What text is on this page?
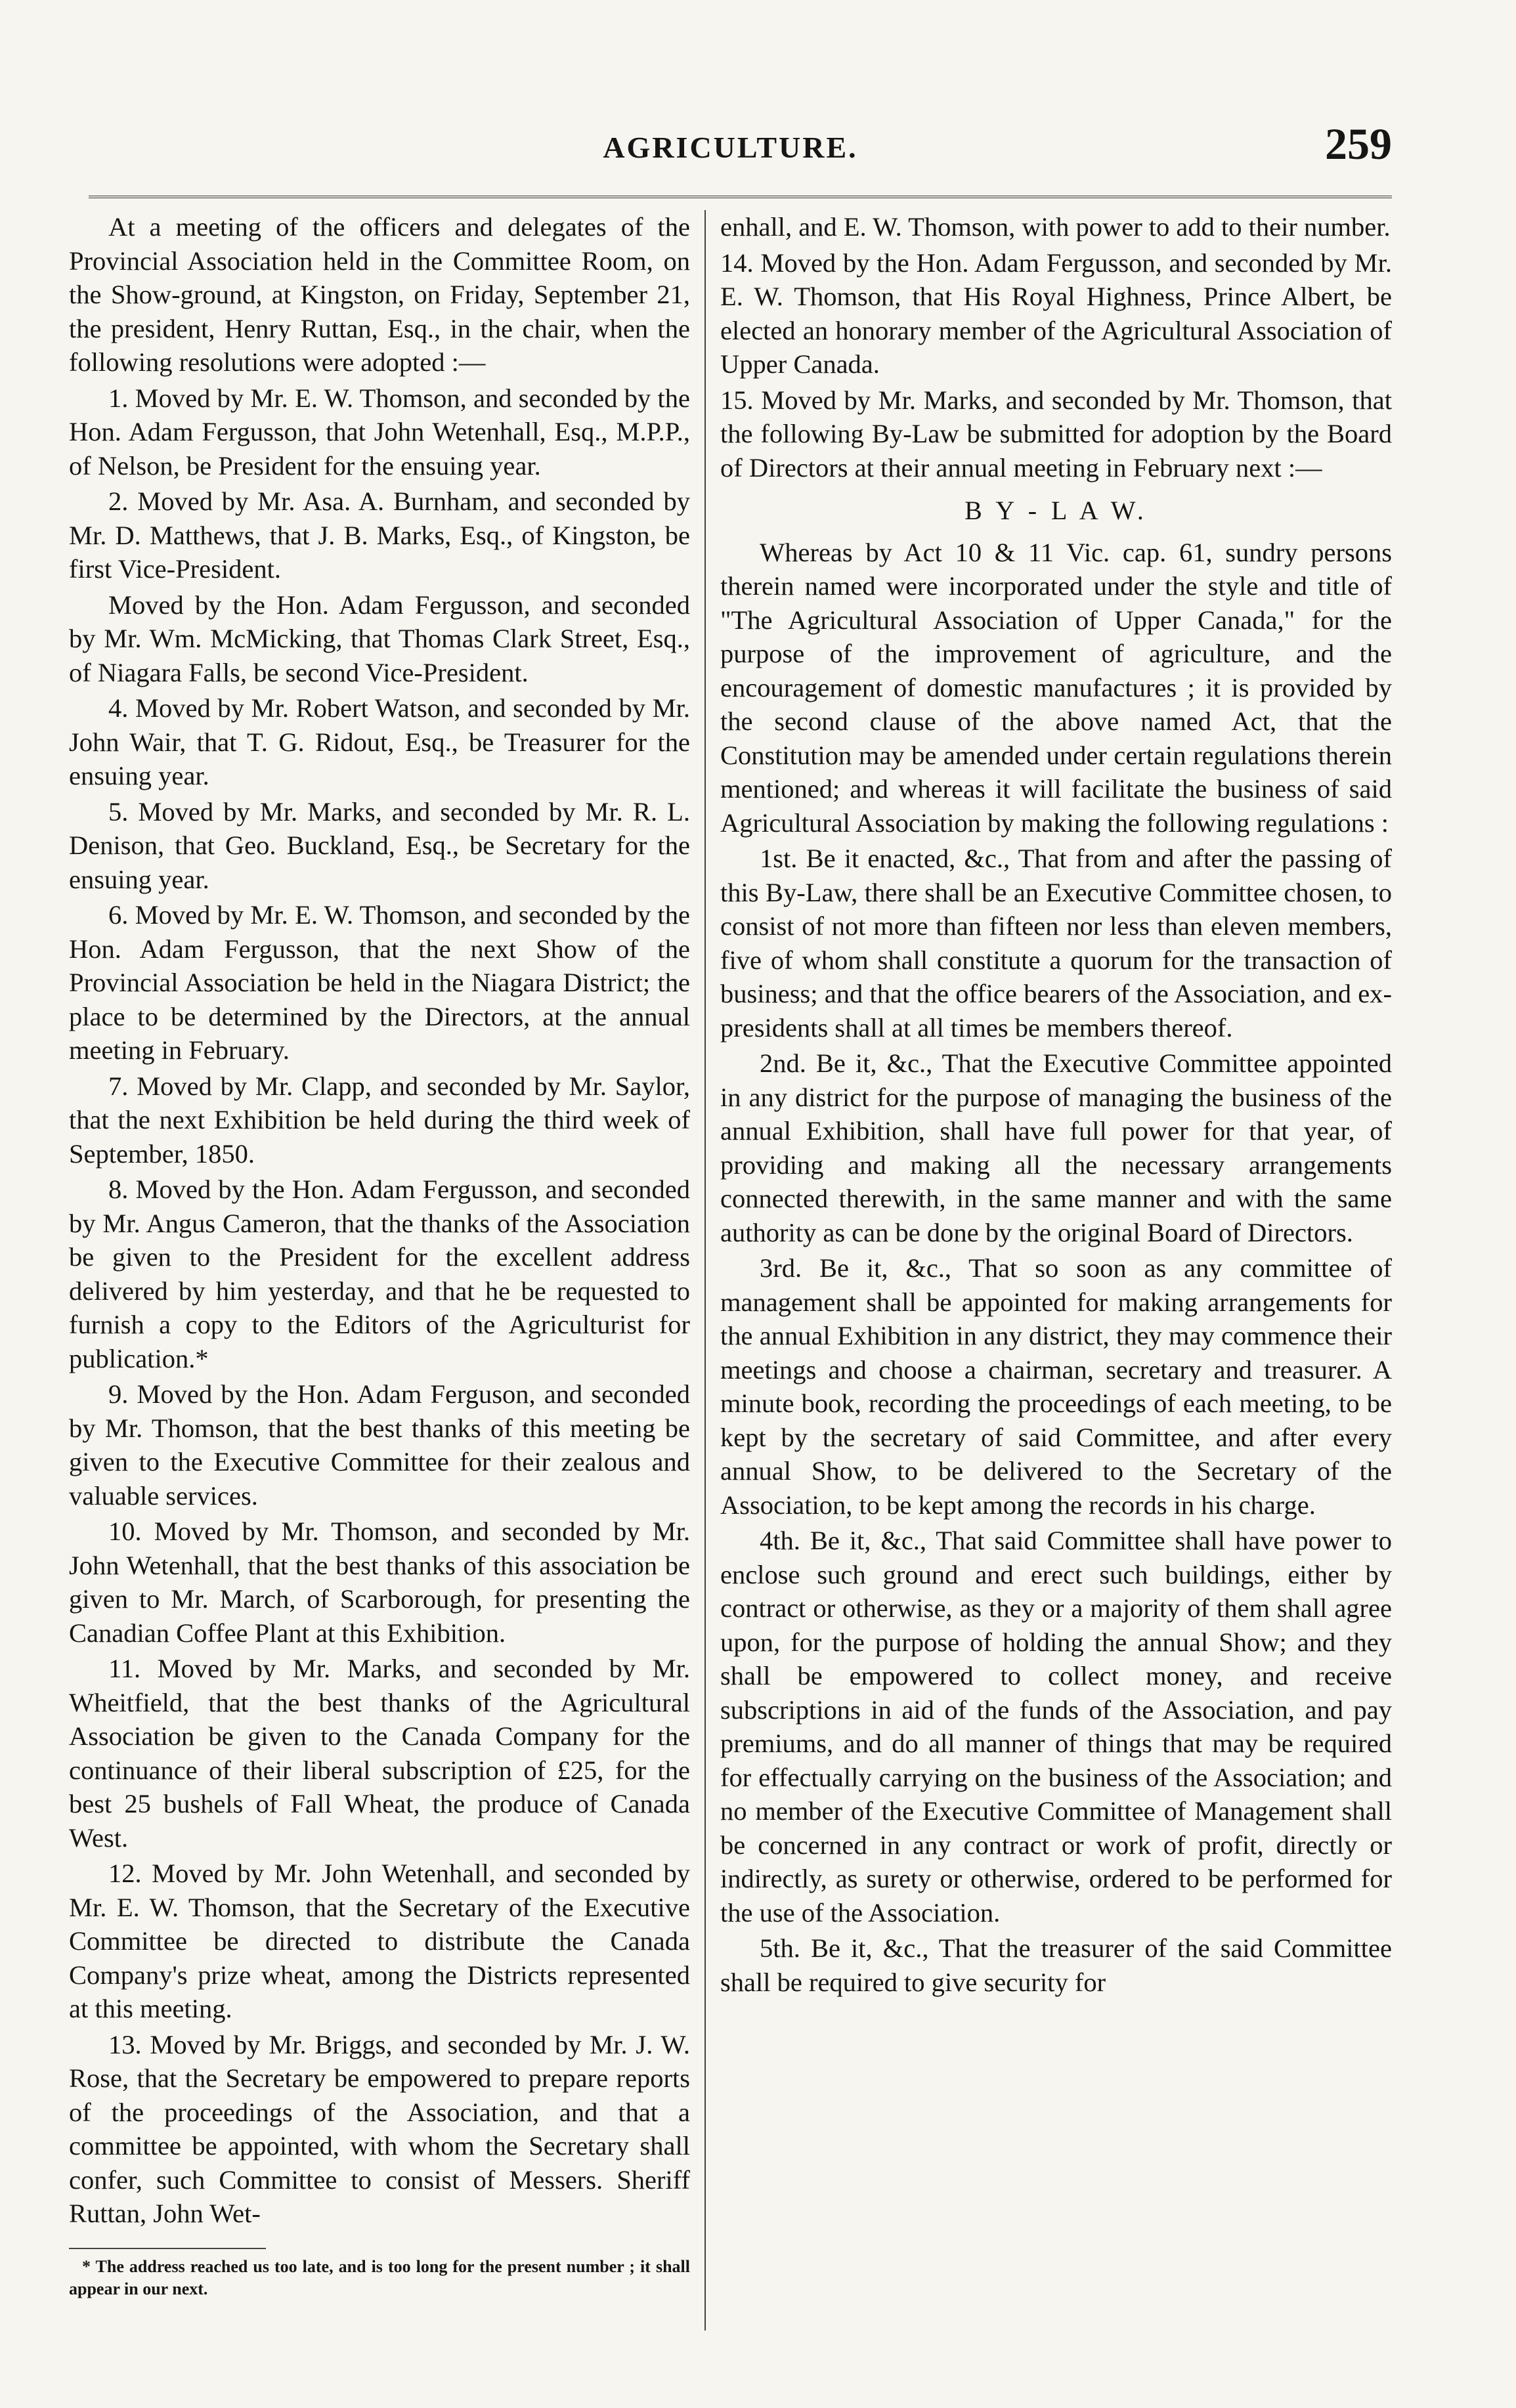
AGRICULTURE.	259

At a meeting of the officers and delegates of the Provincial Association held in the Committee Room, on the Show-ground, at Kingston, on Friday, September 21, the president, Henry Ruttan, Esq., in the chair, when the following resolutions were adopted :—

1. Moved by Mr. E. W. Thomson, and seconded by the Hon. Adam Fergusson, that John Wetenhall, Esq., M.P.P., of Nelson, be President for the ensuing year.

2. Moved by Mr. Asa. A. Burnham, and seconded by Mr. D. Matthews, that J. B. Marks, Esq., of Kingston, be first Vice-President.

Moved by the Hon. Adam Fergusson, and seconded by Mr. Wm. McMicking, that Thomas Clark Street, Esq., of Niagara Falls, be second Vice-President.

4. Moved by Mr. Robert Watson, and seconded by Mr. John Wair, that T. G. Ridout, Esq., be Treasurer for the ensuing year.

5. Moved by Mr. Marks, and seconded by Mr. R. L. Denison, that Geo. Buckland, Esq., be Secretary for the ensuing year.

6. Moved by Mr. E. W. Thomson, and seconded by the Hon. Adam Fergusson, that the next Show of the Provincial Association be held in the Niagara District; the place to be determined by the Directors, at the annual meeting in February.

7. Moved by Mr. Clapp, and seconded by Mr. Saylor, that the next Exhibition be held during the third week of September, 1850.

8. Moved by the Hon. Adam Fergusson, and seconded by Mr. Angus Cameron, that the thanks of the Association be given to the President for the excellent address delivered by him yesterday, and that he be requested to furnish a copy to the Editors of the Agriculturist for publication.*

9. Moved by the Hon. Adam Ferguson, and seconded by Mr. Thomson, that the best thanks of this meeting be given to the Executive Committee for their zealous and valuable services.

10. Moved by Mr. Thomson, and seconded by Mr. John Wetenhall, that the best thanks of this association be given to Mr. March, of Scarborough, for presenting the Canadian Coffee Plant at this Exhibition.

11. Moved by Mr. Marks, and seconded by Mr. Wheitfield, that the best thanks of the Agricultural Association be given to the Canada Company for the continuance of their liberal subscription of £25, for the best 25 bushels of Fall Wheat, the produce of Canada West.

12. Moved by Mr. John Wetenhall, and seconded by Mr. E. W. Thomson, that the Secretary of the Executive Committee be directed to distribute the Canada Company's prize wheat, among the Districts represented at this meeting.

13. Moved by Mr. Briggs, and seconded by Mr. J. W. Rose, that the Secretary be empowered to prepare reports of the proceedings of the Association, and that a committee be appointed, with whom the Secretary shall confer, such Committee to consist of Messers. Sheriff Ruttan, John Wet-

* The address reached us too late, and is too long for the present number ; it shall appear in our next.

enhall, and E. W. Thomson, with power to add to their number.

14. Moved by the Hon. Adam Fergusson, and seconded by Mr. E. W. Thomson, that His Royal Highness, Prince Albert, be elected an honorary member of the Agricultural Association of Upper Canada.

15. Moved by Mr. Marks, and seconded by Mr. Thomson, that the following By-Law be submitted for adoption by the Board of Directors at their annual meeting in February next :—

B Y - L A W.

Whereas by Act 10 & 11 Vic. cap. 61, sundry persons therein named were incorporated under the style and title of "The Agricultural Association of Upper Canada," for the purpose of the improvement of agriculture, and the encouragement of domestic manufactures ; it is provided by the second clause of the above named Act, that the Constitution may be amended under certain regulations therein mentioned; and whereas it will facilitate the business of said Agricultural Association by making the following regulations :

1st. Be it enacted, &c., That from and after the passing of this By-Law, there shall be an Executive Committee chosen, to consist of not more than fifteen nor less than eleven members, five of whom shall constitute a quorum for the transaction of business; and that the office bearers of the Association, and ex-presidents shall at all times be members thereof.

2nd. Be it, &c., That the Executive Committee appointed in any district for the purpose of managing the business of the annual Exhibition, shall have full power for that year, of providing and making all the necessary arrangements connected therewith, in the same manner and with the same authority as can be done by the original Board of Directors.

3rd. Be it, &c., That so soon as any committee of management shall be appointed for making arrangements for the annual Exhibition in any district, they may commence their meetings and choose a chairman, secretary and treasurer. A minute book, recording the proceedings of each meeting, to be kept by the secretary of said Committee, and after every annual Show, to be delivered to the Secretary of the Association, to be kept among the records in his charge.

4th. Be it, &c., That said Committee shall have power to enclose such ground and erect such buildings, either by contract or otherwise, as they or a majority of them shall agree upon, for the purpose of holding the annual Show; and they shall be empowered to collect money, and receive subscriptions in aid of the funds of the Association, and pay premiums, and do all manner of things that may be required for effectually carrying on the business of the Association; and no member of the Executive Committee of Management shall be concerned in any contract or work of profit, directly or indirectly, as surety or otherwise, ordered to be performed for the use of the Association.

5th. Be it, &c., That the treasurer of the said Committee shall be required to give security for
